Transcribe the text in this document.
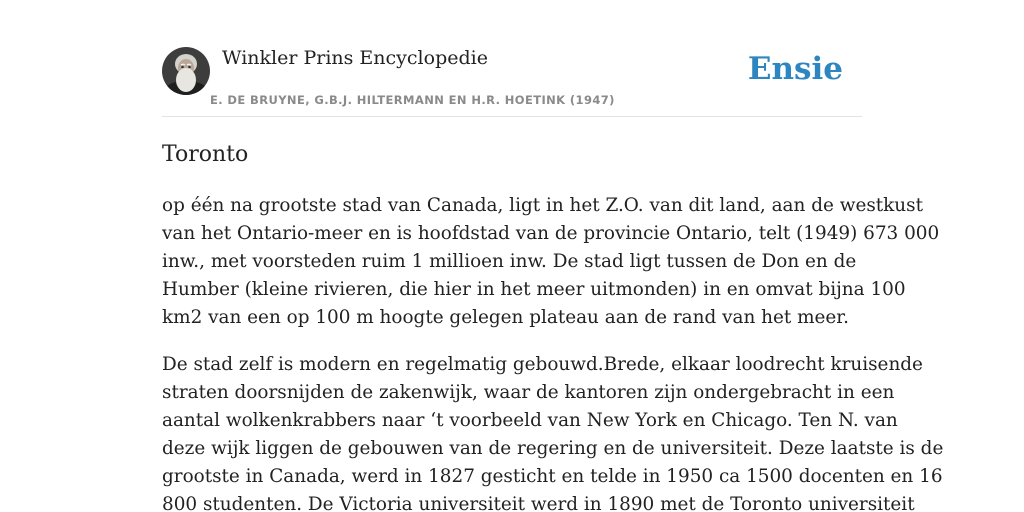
Winkler Prins Encyclopedie
E. DE BRUYNE, G.B.J. HILTERMANN EN H.R. HOETINK (1947)
Ensie
Toronto

op één na grootste stad van Canada, ligt in het Z.O. van dit land, aan de westkust
van het Ontario-meer en is hoofdstad van de provincie Ontario, telt (1949) 673 000
inw., met voorsteden ruim 1 millioen inw. De stad ligt tussen de Don en de
Humber (kleine rivieren, die hier in het meer uitmonden) in en omvat bijna 100
km2 van een op 100 m hoogte gelegen plateau aan de rand van het meer.

De stad zelf is modern en regelmatig gebouwd.Brede, elkaar loodrecht kruisende
straten doorsnijden de zakenwijk, waar de kantoren zijn ondergebracht in een
aantal wolkenkrabbers naar ‘t voorbeeld van New York en Chicago. Ten N. van
deze wijk liggen de gebouwen van de regering en de universiteit. Deze laatste is de
grootste in Canada, werd in 1827 gesticht en telde in 1950 ca 1500 docenten en 16
800 studenten. De Victoria universiteit werd in 1890 met de Toronto universiteit
